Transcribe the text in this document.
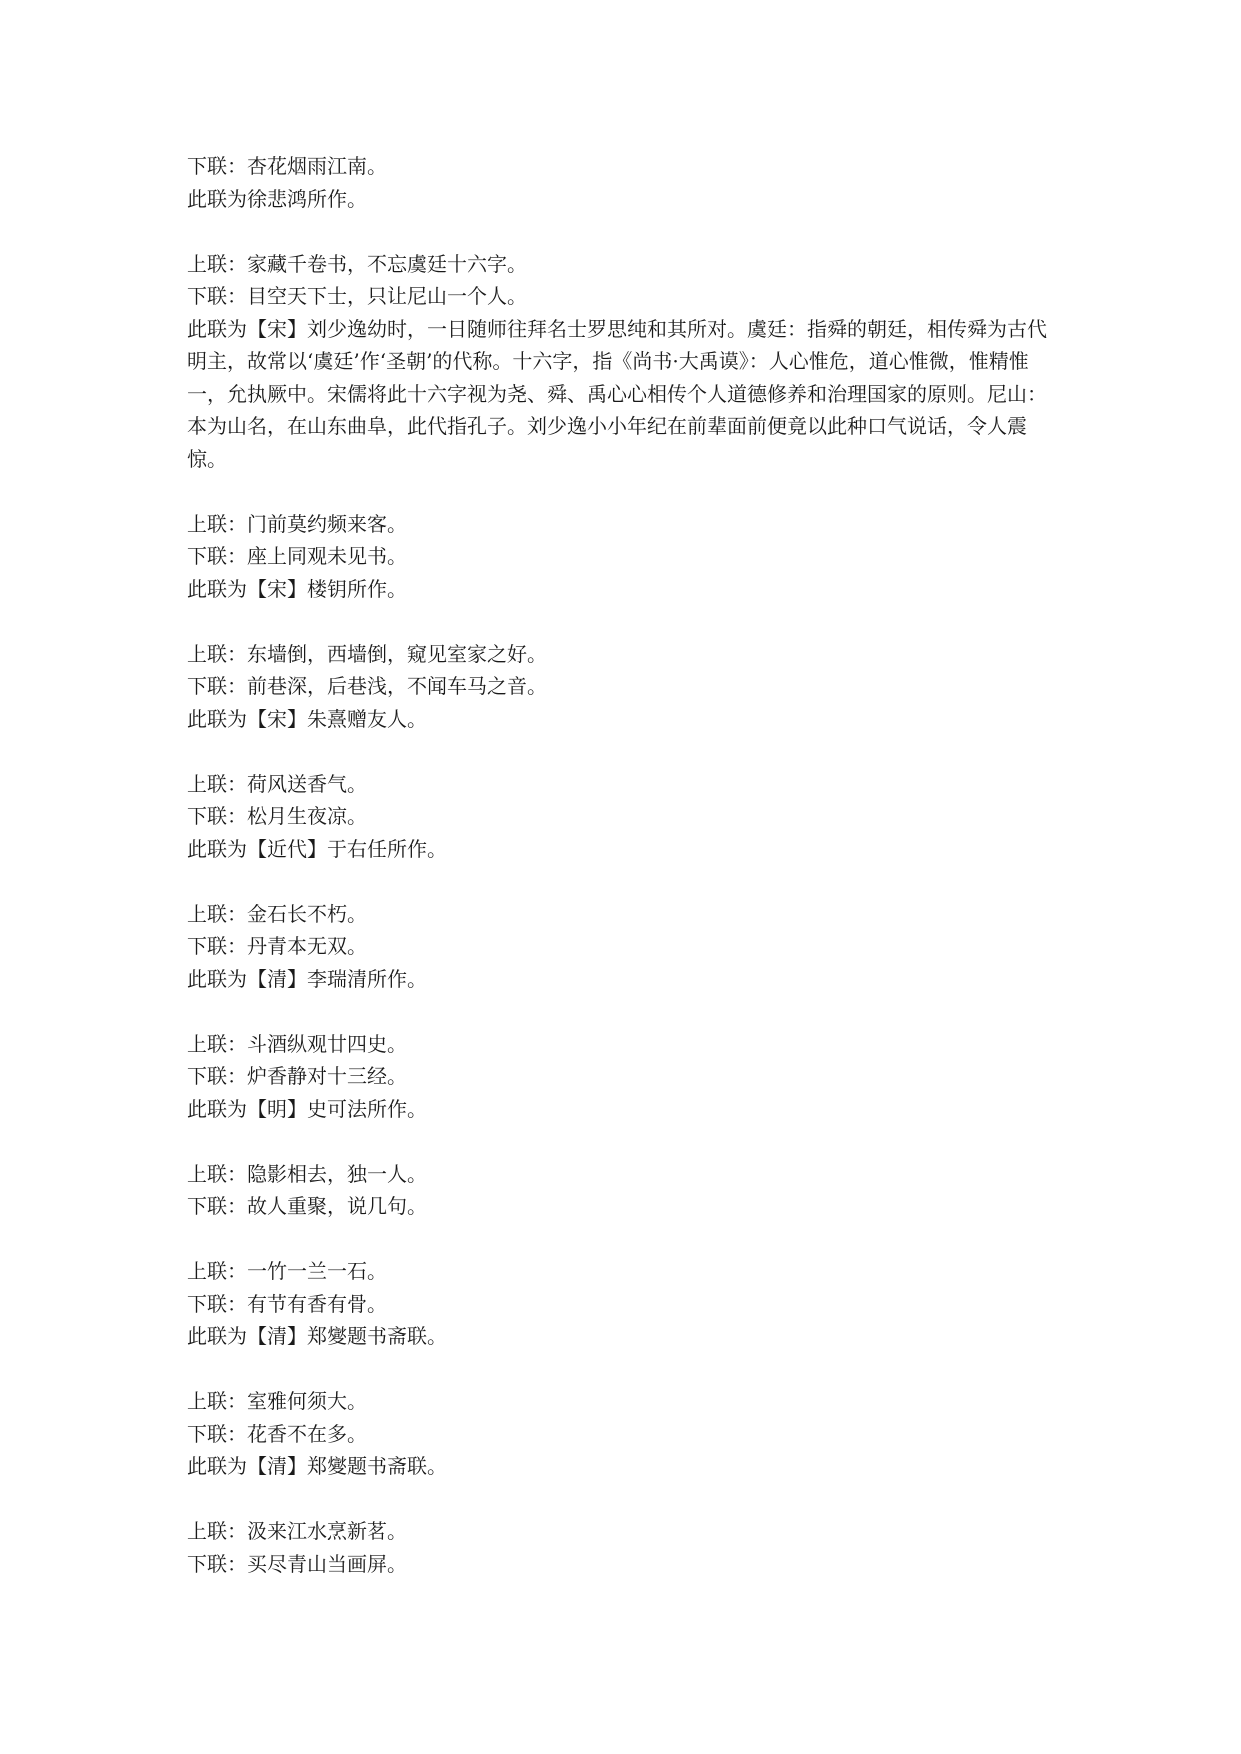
下联：杏花烟雨江南。
此联为徐悲鸿所作。
上联：家藏千卷书，不忘虞廷十六字。
下联：目空天下士，只让尼山一个人。
此联为【宋】刘少逸幼时，一日随师往拜名士罗思纯和其所对。虞廷：指舜的朝廷，相传舜为古代明主，故常以‘虞廷’作‘圣朝’的代称。十六字，指《尚书·大禹谟》：人心惟危，道心惟微，惟精惟一，允执厥中。宋儒将此十六字视为尧、舜、禹心心相传个人道德修养和治理国家的原则。尼山：本为山名，在山东曲阜，此代指孔子。刘少逸小小年纪在前辈面前便竟以此种口气说话，令人震惊。
上联：门前莫约频来客。
下联：座上同观未见书。
此联为【宋】楼钥所作。
上联：东墙倒，西墙倒，窥见室家之好。
下联：前巷深，后巷浅，不闻车马之音。
此联为【宋】朱熹赠友人。
上联：荷风送香气。
下联：松月生夜凉。
此联为【近代】于右任所作。
上联：金石长不朽。
下联：丹青本无双。
此联为【清】李瑞清所作。
上联：斗酒纵观廿四史。
下联：炉香静对十三经。
此联为【明】史可法所作。
上联：隐影相去，独一人。
下联：故人重聚，说几句。
上联：一竹一兰一石。
下联：有节有香有骨。
此联为【清】郑夑题书斋联。
上联：室雅何须大。
下联：花香不在多。
此联为【清】郑夑题书斋联。
上联：汲来江水烹新茗。
下联：买尽青山当画屏。
